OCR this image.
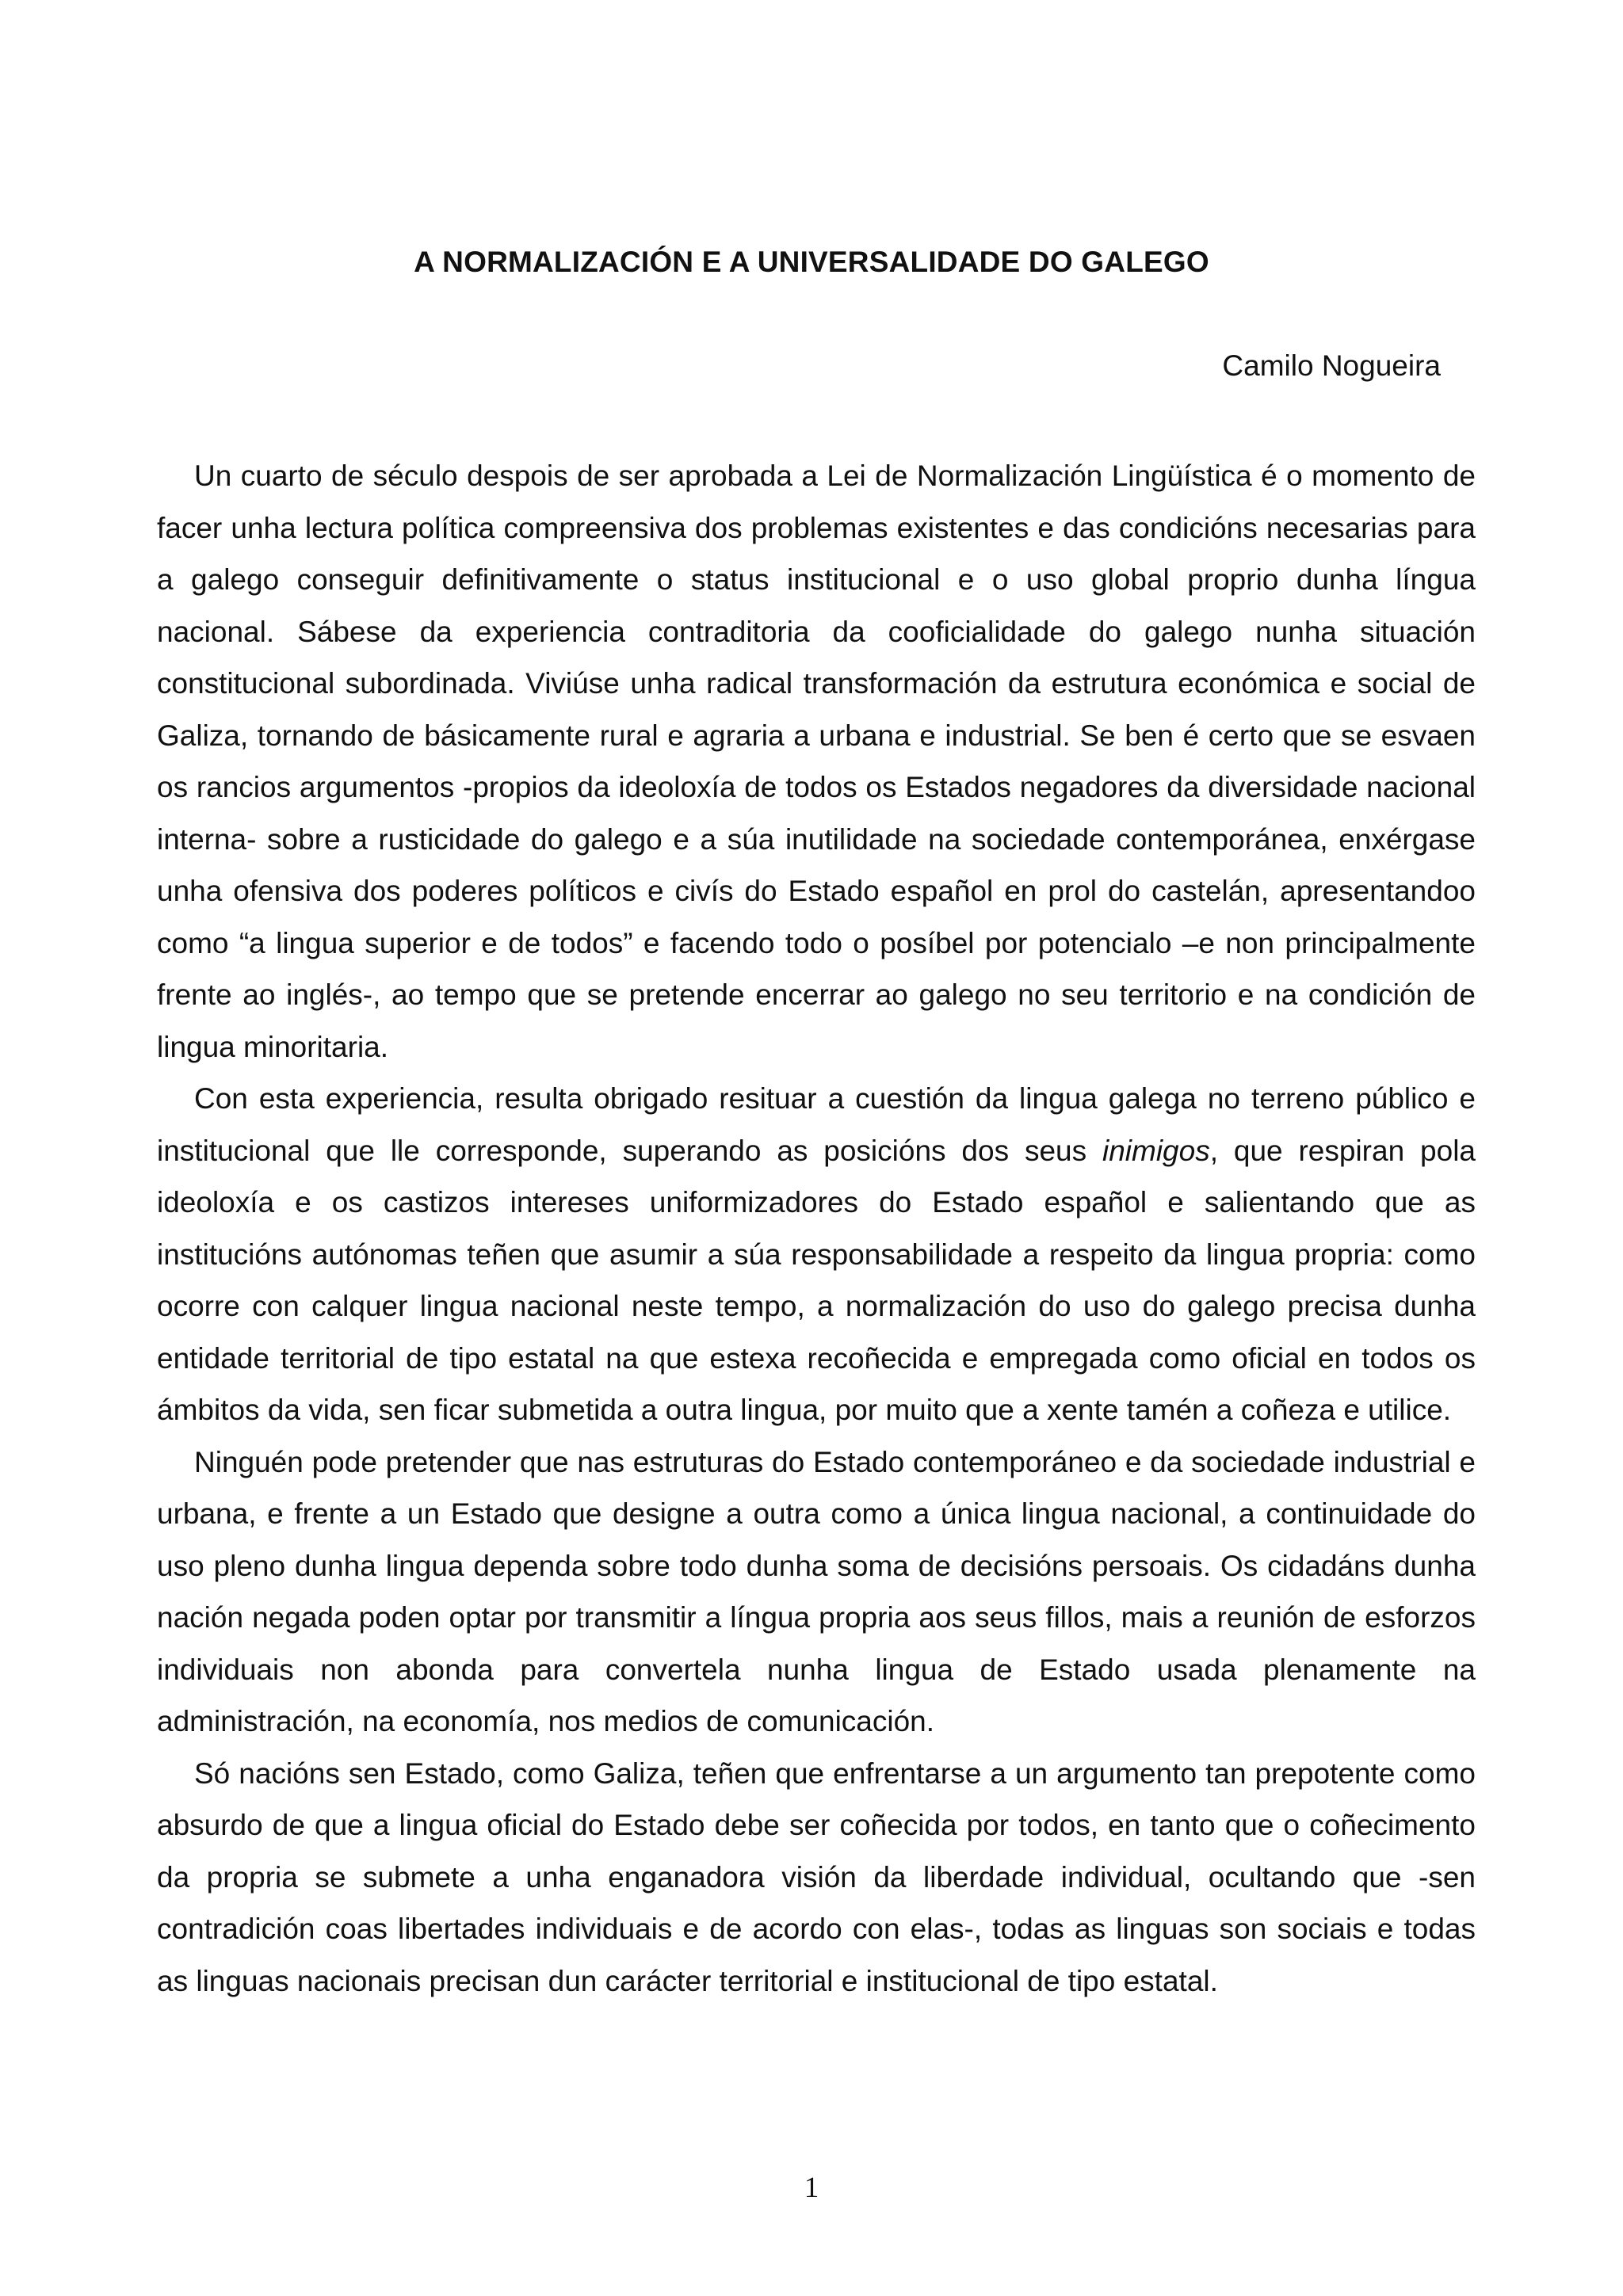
A NORMALIZACIÓN E A UNIVERSALIDADE DO GALEGO
Camilo Nogueira

Un cuarto de século despois de ser aprobada a Lei de Normalización Lingüística é o momento de facer unha lectura política compreensiva dos problemas existentes e das condicións necesarias para a galego conseguir definitivamente o status institucional e o uso global proprio dunha língua nacional. Sábese da experiencia contraditoria da cooficialidade do galego nunha situación constitucional subordinada. Viviúse unha radical transformación da estrutura económica e social de Galiza, tornando de básicamente rural e agraria a urbana e industrial. Se ben é certo que se esvaen os rancios argumentos -propios da ideoloxía de todos os Estados negadores da diversidade nacional interna- sobre a rusticidade do galego e a súa inutilidade na sociedade contemporánea, enxérgase unha ofensiva dos poderes políticos e civís do Estado español en prol do castelán, apresentandoo como “a lingua superior e de todos” e facendo todo o posíbel por potencialo –e non principalmente frente ao inglés-, ao tempo que se pretende encerrar ao galego no seu territorio e na condición de lingua minoritaria.

Con esta experiencia, resulta obrigado resituar a cuestión da lingua galega no terreno público e institucional que lle corresponde, superando as posicións dos seus inimigos, que respiran pola ideoloxía e os castizos intereses uniformizadores do Estado español e salientando que as institucións autónomas teñen que asumir a súa responsabilidade a respeito da lingua propria: como ocorre con calquer lingua nacional neste tempo, a normalización do uso do galego precisa dunha entidade territorial de tipo estatal na que estexa recoñecida e empregada como oficial en todos os ámbitos da vida, sen ficar submetida a outra lingua, por muito que a xente tamén a coñeza e utilice.

Ninguén pode pretender que nas estruturas do Estado contemporáneo e da sociedade industrial e urbana, e frente a un Estado que designe a outra como a única lingua nacional, a continuidade do uso pleno dunha lingua dependa sobre todo dunha soma de decisións persoais. Os cidadáns dunha nación negada poden optar por transmitir a língua propria aos seus fillos, mais a reunión de esforzos individuais non abonda para convertela nunha lingua de Estado usada plenamente na administración, na economía, nos medios de comunicación.

Só nacións sen Estado, como Galiza, teñen que enfrentarse a un argumento tan prepotente como absurdo de que a lingua oficial do Estado debe ser coñecida por todos, en tanto que o coñecimento da propria se submete a unha enganadora visión da liberdade individual, ocultando que -sen contradición coas libertades individuais e de acordo con elas-, todas as linguas son sociais e todas as linguas nacionais precisan dun carácter territorial e institucional de tipo estatal.

1
